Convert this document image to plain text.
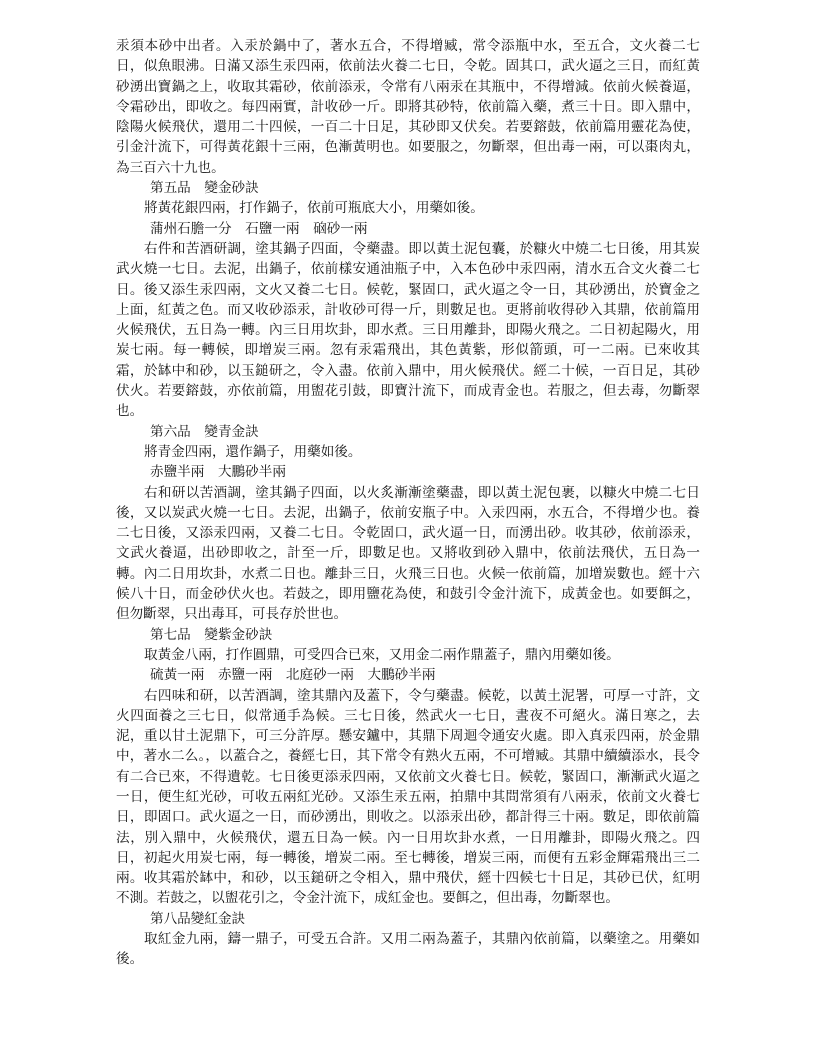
汞須本砂中出者。入汞於鍋中了，著水五合，不得增臧，常令添瓶中水，至五合，文火養二七日，似魚眼沸。日滿又添生汞四兩，依前法火養二七日，令乾。固其口，武火逼之三日，而紅黃砂湧出寶鍋之上，收取其霜砂，依前添汞，令常有八兩汞在其瓶中，不得增減。依前火候養逼，令霜砂出，即收之。每四兩實，計收砂一斤。即將其砂特，依前篇入藥，煮三十日。即入鼎中，陰陽火候飛伏，還用二十四候，一百二十日足，其砂即又伏矣。若要鎔鼓，依前篇用靈花為使，引金汁流下，可得黃花銀十三兩，色漸黃明也。如要服之，勿斷翠，但出毒一兩，可以棗肉丸，為三百六十九也。

第五品　變金砂訣

將黃花銀四兩，打作鍋子，依前可瓶底大小，用藥如後。

蒲州石膽一分　石鹽一兩　硇砂一兩

右件和苦酒研調，塗其鍋子四面，令藥盡。即以黃土泥包囊，於糠火中燒二七日後，用其炭武火燒一七日。去泥，出鍋子，依前樣安通油瓶子中，入本色砂中汞四兩，清水五合文火養二七日。後又添生汞四兩，文火又養二七日。候乾，緊固口，武火逼之令一日，其砂湧出，於寶金之上面，紅黃之色。而又收砂添汞，計收砂可得一斤，則數足也。更將前收得砂入其鼎，依前篇用火候飛伏，五日為一轉。內三日用坎卦，即水煮。三日用離卦，即陽火飛之。二日初起陽火，用炭七兩。每一轉候，即增炭三兩。忽有汞霜飛出，其色黃紫，形似箭頭，可一二兩。已來收其霜，於缽中和砂，以玉鎚研之，令入盡。依前入鼎中，用火候飛伏。經二十候，一百日足，其砂伏火。若要鎔鼓，亦依前篇，用盥花引鼓，即寶汁流下，而成青金也。若服之，但去毒，勿斷翠也。

第六品　變青金訣

將青金四兩，還作鍋子，用藥如後。

赤鹽半兩　大鵬砂半兩

右和研以苦酒調，塗其鍋子四面，以火炙漸漸塗藥盡，即以黃土泥包裹，以糠火中燒二七日後，又以炭武火燒一七日。去泥，出鍋子，依前安瓶子中。入汞四兩，水五合，不得增少也。養二七日後，又添汞四兩，又養二七日。令乾固口，武火逼一日，而湧出砂。收其砂，依前添汞，文武火養逼，出砂即收之，計至一斤，即數足也。又將收到砂入鼎中，依前法飛伏，五日為一轉。內二日用坎卦，水煮二日也。離卦三日，火飛三日也。火候一依前篇，加增炭數也。經十六候八十日，而金砂伏火也。若鼓之，即用鹽花為使，和鼓引令金汁流下，成黃金也。如要餌之，但勿斷翠，只出毒耳，可長存於世也。

第七品　變紫金砂訣

取黃金八兩，打作圓鼎，可受四合已來，又用金二兩作鼎蓋子，鼎內用藥如後。

硫黃一兩　赤鹽一兩　北庭砂一兩　大鵬砂半兩

右四味和研，以苦酒調，塗其鼎內及蓋下，令勻藥盡。候乾，以黃土泥署，可厚一寸許，文火四面養之三七日，似常通手為候。三七日後，然武火一七日，晝夜不可絕火。滿日寒之，去泥，重以甘土泥鼎下，可三分許厚。懸安鑪中，其鼎下周迴令通安火處。即入真汞四兩，於金鼎中，著水二么。，以蓋合之，養經七日，其下常令有熟火五兩，不可增臧。其鼎中續續添水，長令有二合已來，不得遺乾。七日後更添汞四兩，又依前文火養七日。候乾，緊固口，漸漸武火逼之一日，便生紅光砂，可收五兩紅光砂。又添生汞五兩，拍鼎中其問常須有八兩汞，依前文火養七日，即固口。武火逼之一日，而砂湧出，則收之。以添汞出砂，都計得三十兩。數足，即依前篇法，別入鼎中，火候飛伏，還五日為一候。內一日用坎卦水煮，一日用離卦，即陽火飛之。四日，初起火用炭七兩，每一轉後，增炭二兩。至七轉後，增炭三兩，而便有五彩金輝霜飛出三二兩。收其霜於缽中，和砂，以玉鎚研之令相入，鼎中飛伏，經十四候七十日足，其砂已伏，紅明不測。若鼓之，以盥花引之，令金汁流下，成紅金也。要餌之，但出毒，勿斷翠也。

第八品變紅金訣

取紅金九兩，鑄一鼎子，可受五合許。又用二兩為蓋子，其鼎內依前篇，以藥塗之。用藥如後。
